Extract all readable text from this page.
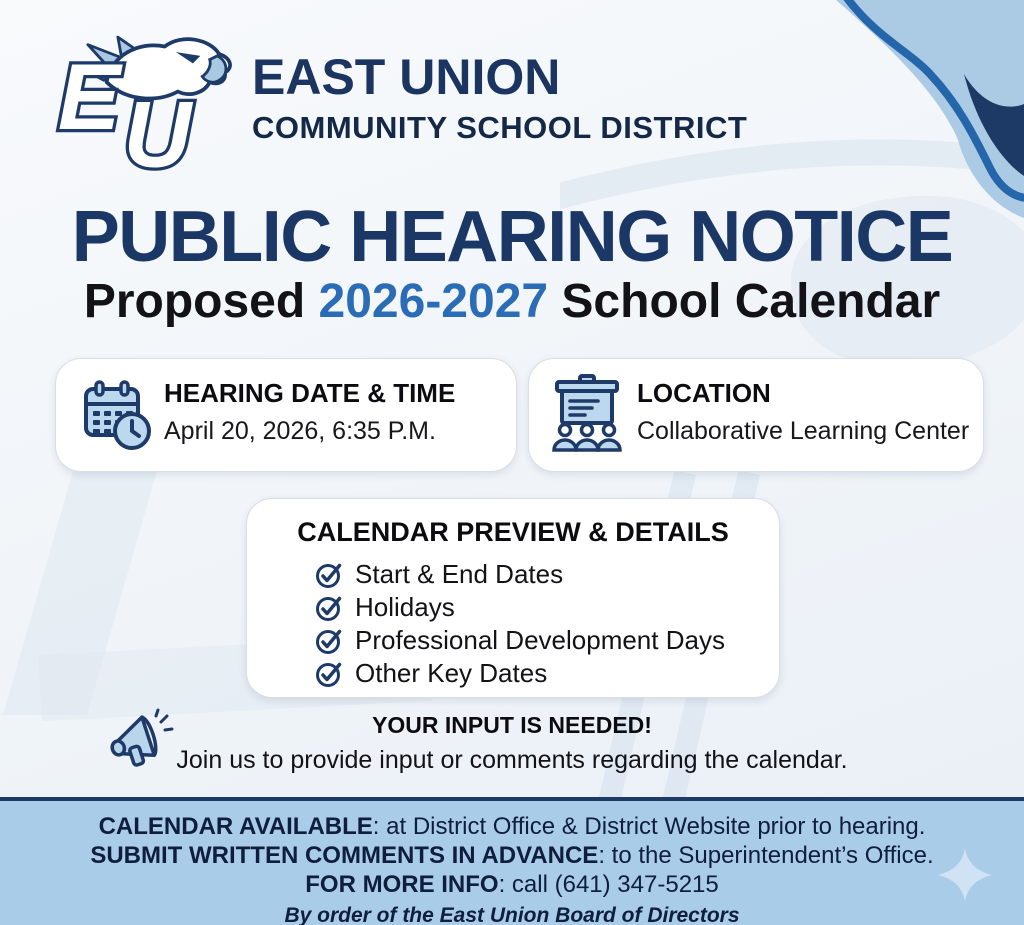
E U
EAST UNION
COMMUNITY SCHOOL DISTRICT
PUBLIC HEARING NOTICE
Proposed 2026-2027 School Calendar
HEARING DATE & TIME
April 20, 2026, 6:35 P.M.
LOCATION
Collaborative Learning Center
CALENDAR PREVIEW & DETAILS
Start & End Dates
Holidays
Professional Development Days
Other Key Dates
YOUR INPUT IS NEEDED!
Join us to provide input or comments regarding the calendar.
CALENDAR AVAILABLE: at District Office & District Website prior to hearing.
SUBMIT WRITTEN COMMENTS IN ADVANCE: to the Superintendent’s Office.
FOR MORE INFO: call (641) 347-5215
By order of the East Union Board of Directors
